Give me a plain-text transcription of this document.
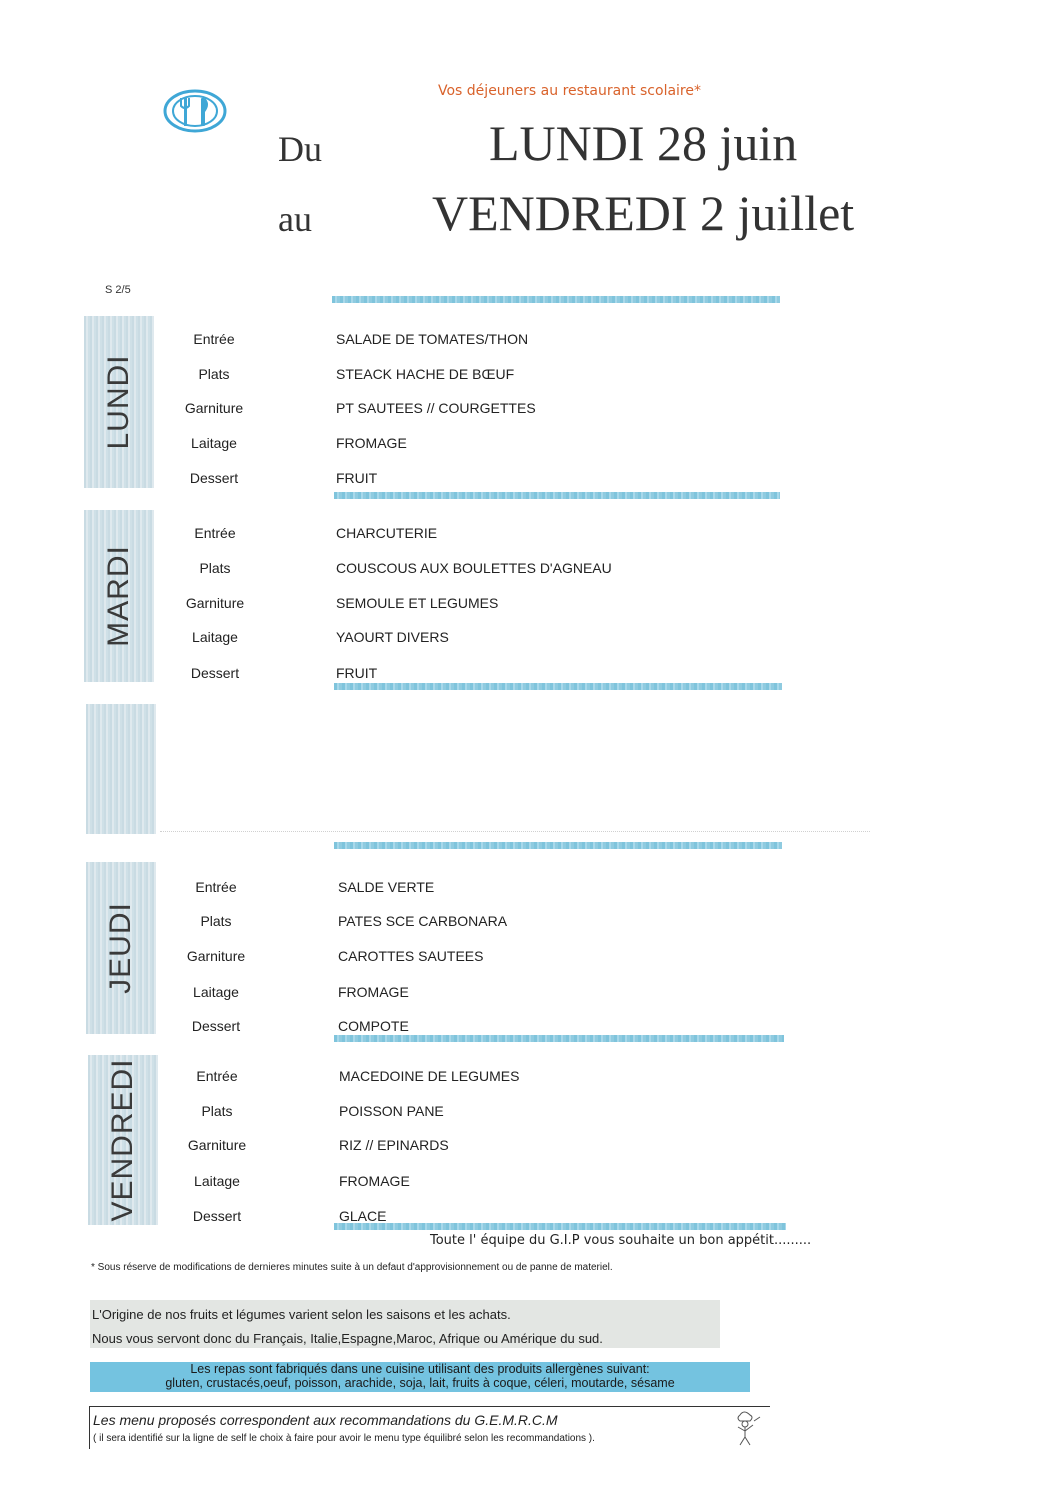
Vos déjeuners au restaurant scolaire*
Du
au
LUNDI 28 juin
VENDREDI 2 juillet
S 2/5
LUNDI
MARDI
JEUDI
VENDREDI
Entrée	SALADE DE TOMATES/THON
Plats	STEACK HACHE DE BŒUF
Garniture	PT SAUTEES // COURGETTES
Laitage	FROMAGE
Dessert	FRUIT
Entrée	CHARCUTERIE
Plats	COUSCOUS AUX BOULETTES D'AGNEAU
Garniture	SEMOULE ET LEGUMES
Laitage	YAOURT DIVERS
Dessert	FRUIT
Entrée	SALDE VERTE
Plats	PATES SCE CARBONARA
Garniture	CAROTTES SAUTEES
Laitage	FROMAGE
Dessert	COMPOTE
Entrée	MACEDOINE DE LEGUMES
Plats	POISSON PANE
Garniture	RIZ // EPINARDS
Laitage	FROMAGE
Dessert	GLACE
Toute l' équipe du G.I.P vous souhaite un bon appétit.........
* Sous réserve de modifications de dernieres minutes suite à un defaut d'approvisionnement ou de panne de materiel.
L'Origine de nos fruits et légumes varient selon les saisons et les achats.
Nous vous servont donc du Français, Italie,Espagne,Maroc, Afrique ou Amérique du sud.
Les repas sont fabriqués dans une cuisine utilisant des produits allergènes suivant:
gluten, crustacés,oeuf, poisson, arachide, soja, lait, fruits à coque, céleri, moutarde, sésame
Les menu proposés correspondent aux recommandations du G.E.M.R.C.M
( il sera identifié sur la ligne de self le choix à faire pour avoir le menu type équilibré selon les recommandations ).
